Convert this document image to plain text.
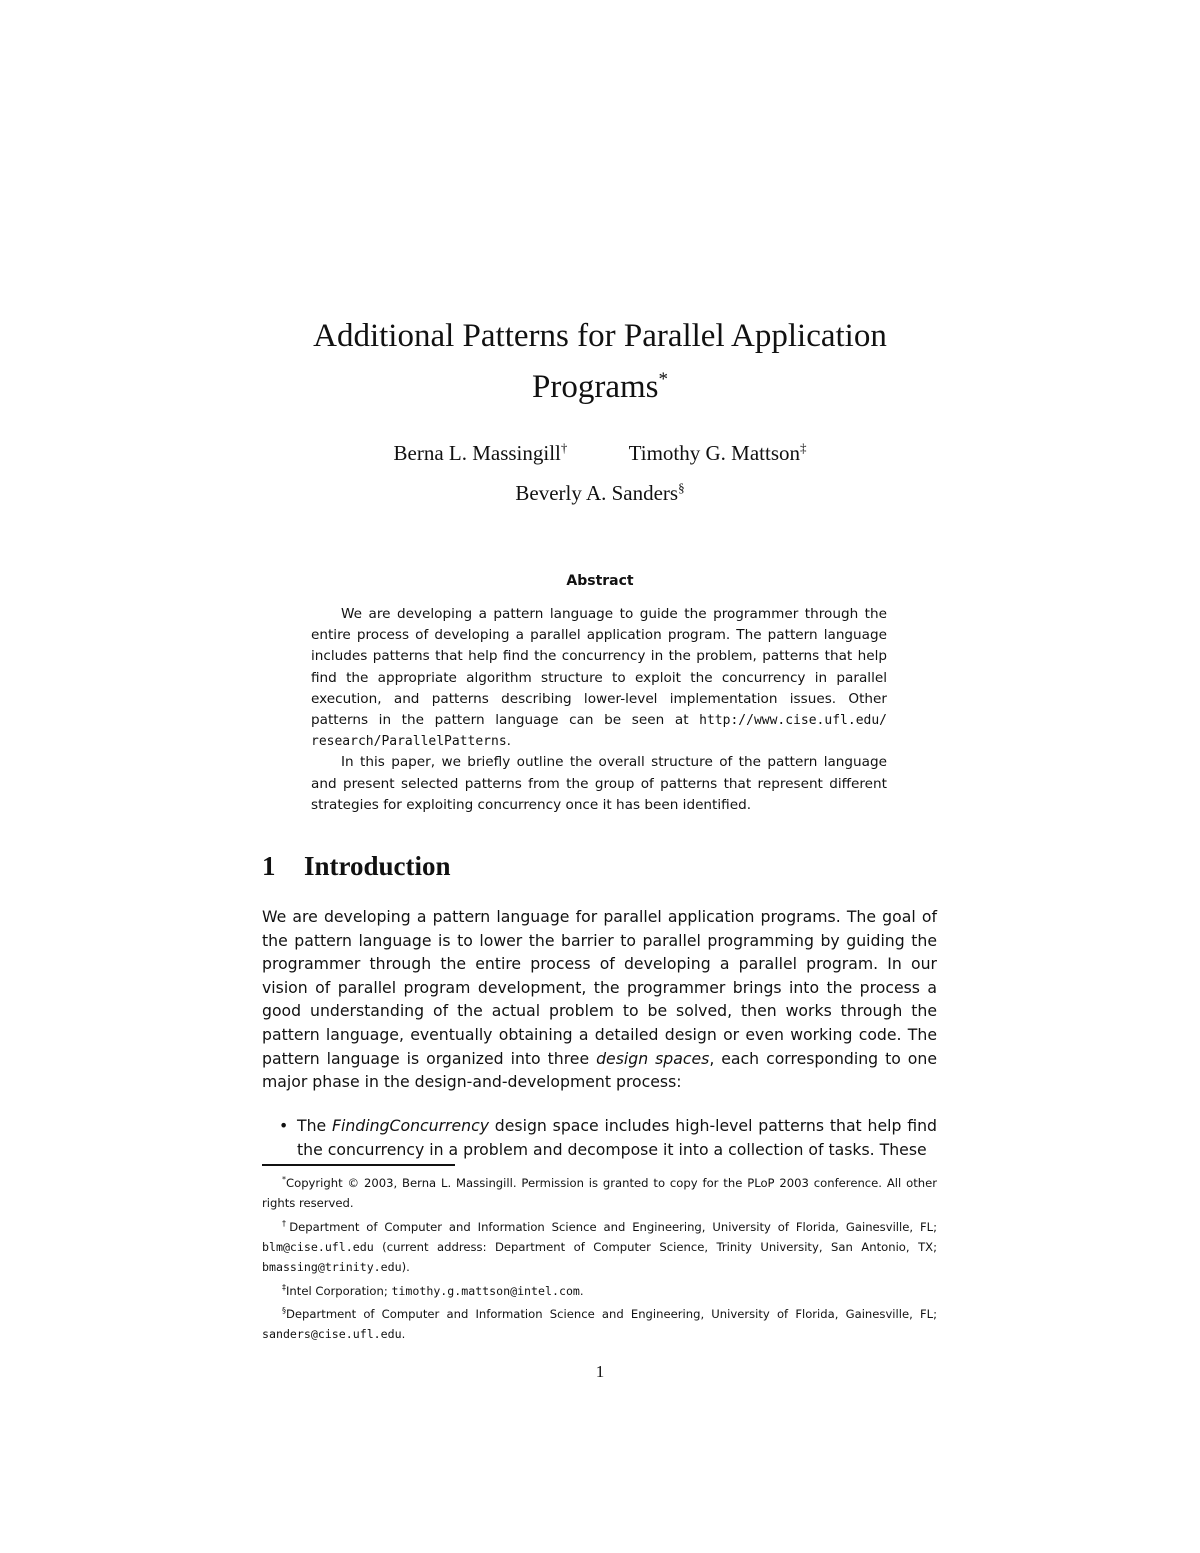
Additional Patterns for Parallel Application
Programs*
Berna L. Massingill†	Timothy G. Mattson‡
Beverly A. Sanders§
Abstract

We are developing a pattern language to guide the programmer through the entire process of developing a parallel application program. The pattern language includes patterns that help find the concurrency in the problem, patterns that help find the appropriate algorithm structure to exploit the concurrency in parallel execution, and patterns describing lower-level implementation issues. Other patterns in the pattern language can be seen at http://www.cise.ufl.edu/ research/ParallelPatterns.

In this paper, we briefly outline the overall structure of the pattern language and present selected patterns from the group of patterns that represent different strategies for exploiting concurrency once it has been identified.

1 Introduction

We are developing a pattern language for parallel application programs. The goal of the pattern language is to lower the barrier to parallel programming by guiding the programmer through the entire process of developing a parallel program. In our vision of parallel program development, the programmer brings into the process a good understanding of the actual problem to be solved, then works through the pattern language, eventually obtaining a detailed design or even working code. The pattern language is organized into three design spaces, each corresponding to one major phase in the design-and-development process:

• The FindingConcurrency design space includes high-level patterns that help find the concurrency in a problem and decompose it into a collection of tasks. These

*Copyright © 2003, Berna L. Massingill. Permission is granted to copy for the PLoP 2003 conference. All other rights reserved.

†Department of Computer and Information Science and Engineering, University of Florida, Gainesville, FL; blm@cise.ufl.edu (current address: Department of Computer Science, Trinity University, San Antonio, TX; bmassing@trinity.edu).

‡Intel Corporation; timothy.g.mattson@intel.com.

§Department of Computer and Information Science and Engineering, University of Florida, Gainesville, FL; sanders@cise.ufl.edu.

1
